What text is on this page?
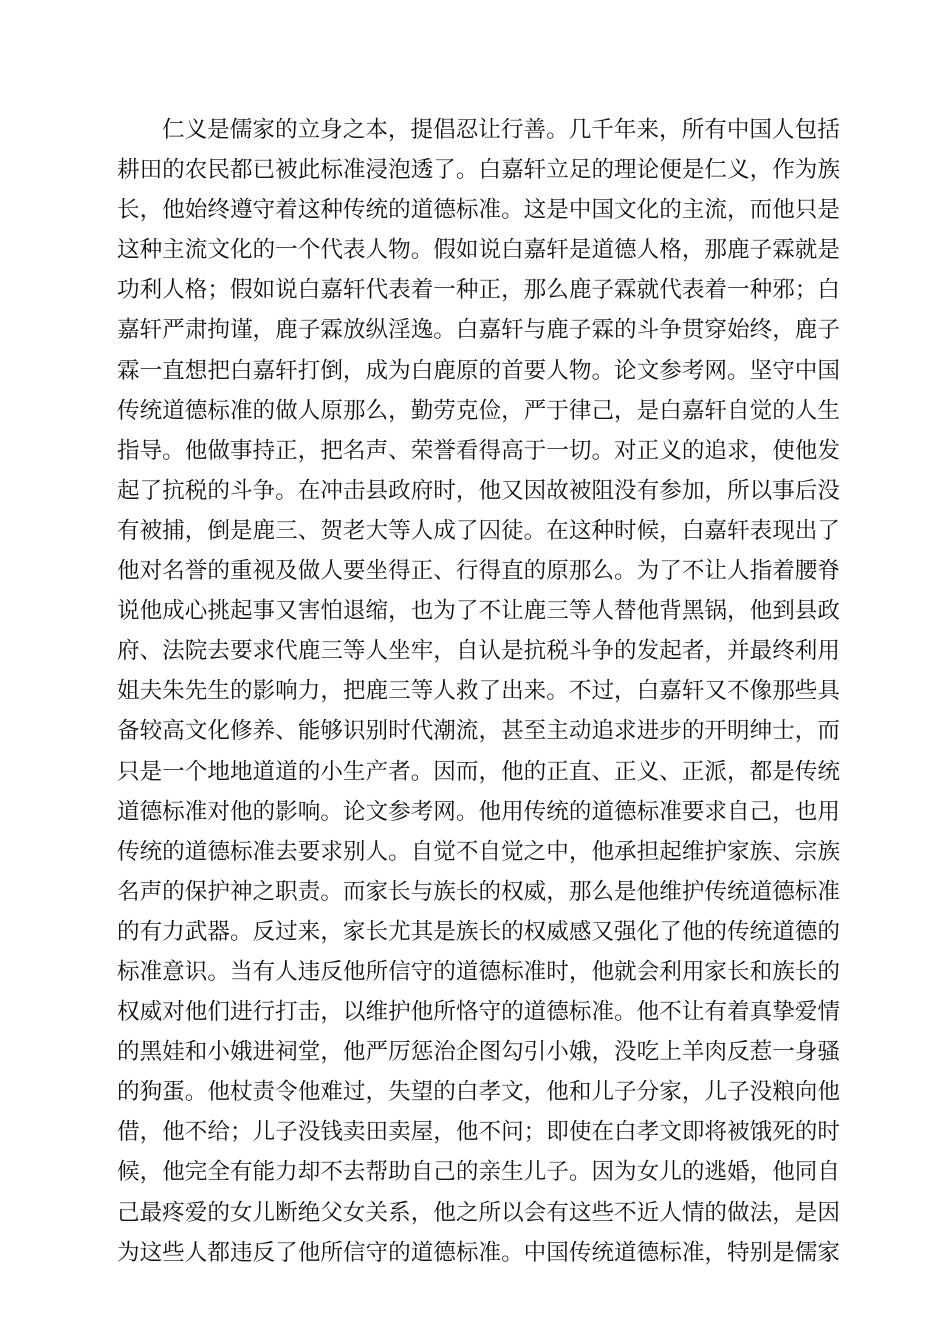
仁义是儒家的立身之本，提倡忍让行善。几千年来，所有中国人包括
耕田的农民都已被此标准浸泡透了。白嘉轩立足的理论便是仁义，作为族
长，他始终遵守着这种传统的道德标准。这是中国文化的主流，而他只是
这种主流文化的一个代表人物。假如说白嘉轩是道德人格，那鹿子霖就是
功利人格；假如说白嘉轩代表着一种正，那么鹿子霖就代表着一种邪；白
嘉轩严肃拘谨，鹿子霖放纵淫逸。白嘉轩与鹿子霖的斗争贯穿始终，鹿子
霖一直想把白嘉轩打倒，成为白鹿原的首要人物。论文参考网。坚守中国
传统道德标准的做人原那么，勤劳克俭，严于律己，是白嘉轩自觉的人生
指导。他做事持正，把名声、荣誉看得高于一切。对正义的追求，使他发
起了抗税的斗争。在冲击县政府时，他又因故被阻没有参加，所以事后没
有被捕，倒是鹿三、贺老大等人成了囚徒。在这种时候，白嘉轩表现出了
他对名誉的重视及做人要坐得正、行得直的原那么。为了不让人指着腰脊
说他成心挑起事又害怕退缩，也为了不让鹿三等人替他背黑锅，他到县政
府、法院去要求代鹿三等人坐牢，自认是抗税斗争的发起者，并最终利用
姐夫朱先生的影响力，把鹿三等人救了出来。不过，白嘉轩又不像那些具
备较高文化修养、能够识别时代潮流，甚至主动追求进步的开明绅士，而
只是一个地地道道的小生产者。因而，他的正直、正义、正派，都是传统
道德标准对他的影响。论文参考网。他用传统的道德标准要求自己，也用
传统的道德标准去要求别人。自觉不自觉之中，他承担起维护家族、宗族
名声的保护神之职责。而家长与族长的权威，那么是他维护传统道德标准
的有力武器。反过来，家长尤其是族长的权威感又强化了他的传统道德的
标准意识。当有人违反他所信守的道德标准时，他就会利用家长和族长的
权威对他们进行打击，以维护他所恪守的道德标准。他不让有着真挚爱情
的黑娃和小娥进祠堂，他严厉惩治企图勾引小娥，没吃上羊肉反惹一身骚
的狗蛋。他杖责令他难过，失望的白孝文，他和儿子分家，儿子没粮向他
借，他不给；儿子没钱卖田卖屋，他不问；即使在白孝文即将被饿死的时
候，他完全有能力却不去帮助自己的亲生儿子。因为女儿的逃婚，他同自
己最疼爱的女儿断绝父女关系，他之所以会有这些不近人情的做法，是因
为这些人都违反了他所信守的道德标准。中国传统道德标准，特别是儒家
